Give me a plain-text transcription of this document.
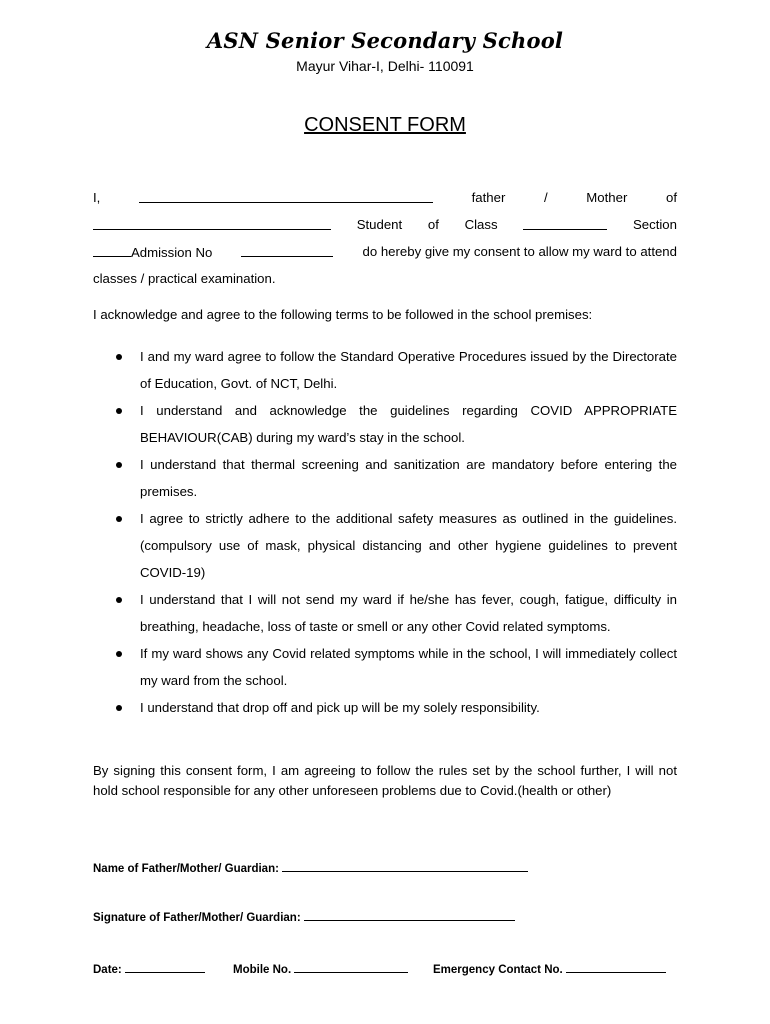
ASN Senior Secondary School
Mayur Vihar-I, Delhi- 110091
CONSENT FORM
I,	father	/	Mother	of
Student of Class	Section
Admission No	do hereby give my consent to allow my ward to attend
classes / practical examination.
I acknowledge and agree to the following terms to be followed in the school premises:
I and my ward agree to follow the Standard Operative Procedures issued by the Directorate of Education, Govt. of NCT, Delhi.
I understand and acknowledge the guidelines regarding COVID APPROPRIATE BEHAVIOUR(CAB) during my ward’s stay in the school.
I understand that thermal screening and sanitization are mandatory before entering the premises.
I agree to strictly adhere to the additional safety measures as outlined in the guidelines. (compulsory use of mask, physical distancing and other hygiene guidelines to prevent COVID-19)
I understand that I will not send my ward if he/she has fever, cough, fatigue, difficulty in breathing, headache, loss of taste or smell or any other Covid related symptoms.
If my ward shows any Covid related symptoms while in the school, I will immediately collect my ward from the school.
I understand that drop off and pick up will be my solely responsibility.
By signing this consent form, I am agreeing to follow the rules set by the school further, I will not hold school responsible for any other unforeseen problems due to Covid.(health or other)
Name of Father/Mother/ Guardian:
Signature of Father/Mother/ Guardian:
Date:	Mobile No.	Emergency Contact No.
